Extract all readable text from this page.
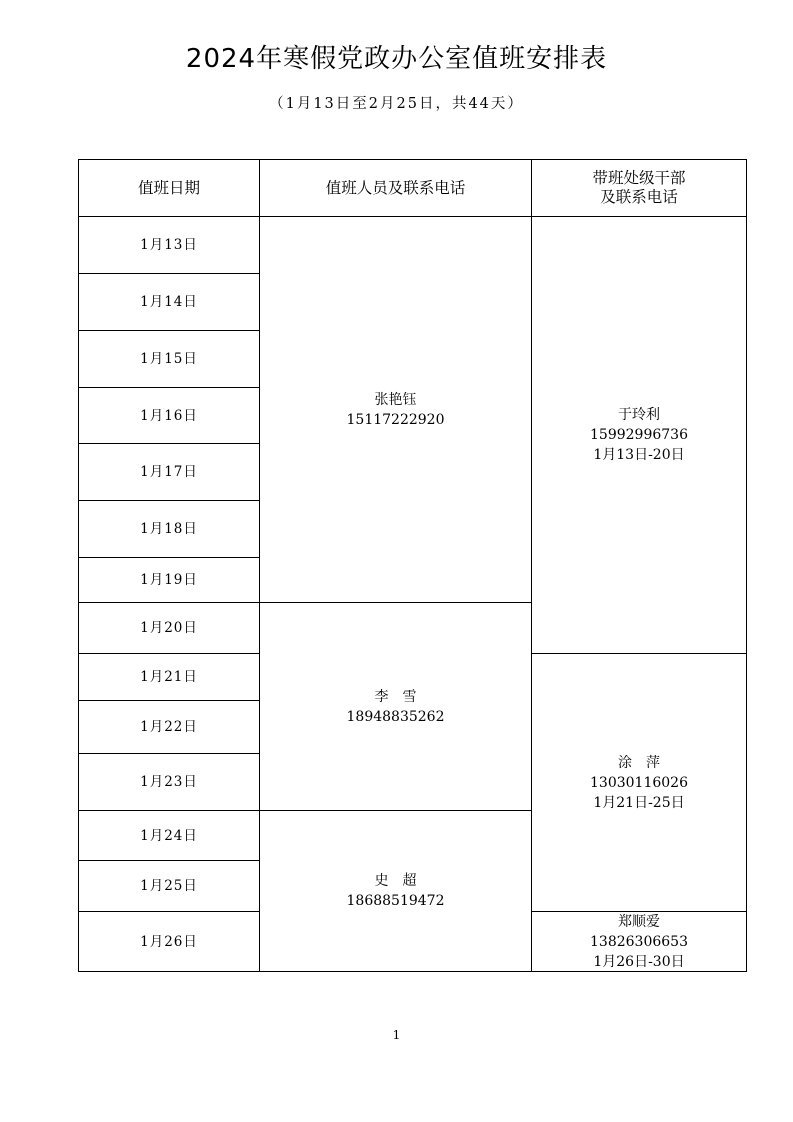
2024年寒假党政办公室值班安排表
（1月13日至2月25日，共44天）
值班日期	值班人员及联系电话
带班处级干部
及联系电话
1月13日
1月14日
1月15日
1月16日
1月17日
1月18日
1月19日
1月20日
1月21日
1月22日
1月23日
1月24日
1月25日
1月26日
张艳钰
15117222920
李　雪
18948835262
史　超
18688519472
于玲利
15992996736
1月13日-20日
涂　萍
13030116026
1月21日-25日
郑顺爱
13826306653
1月26日-30日
1
